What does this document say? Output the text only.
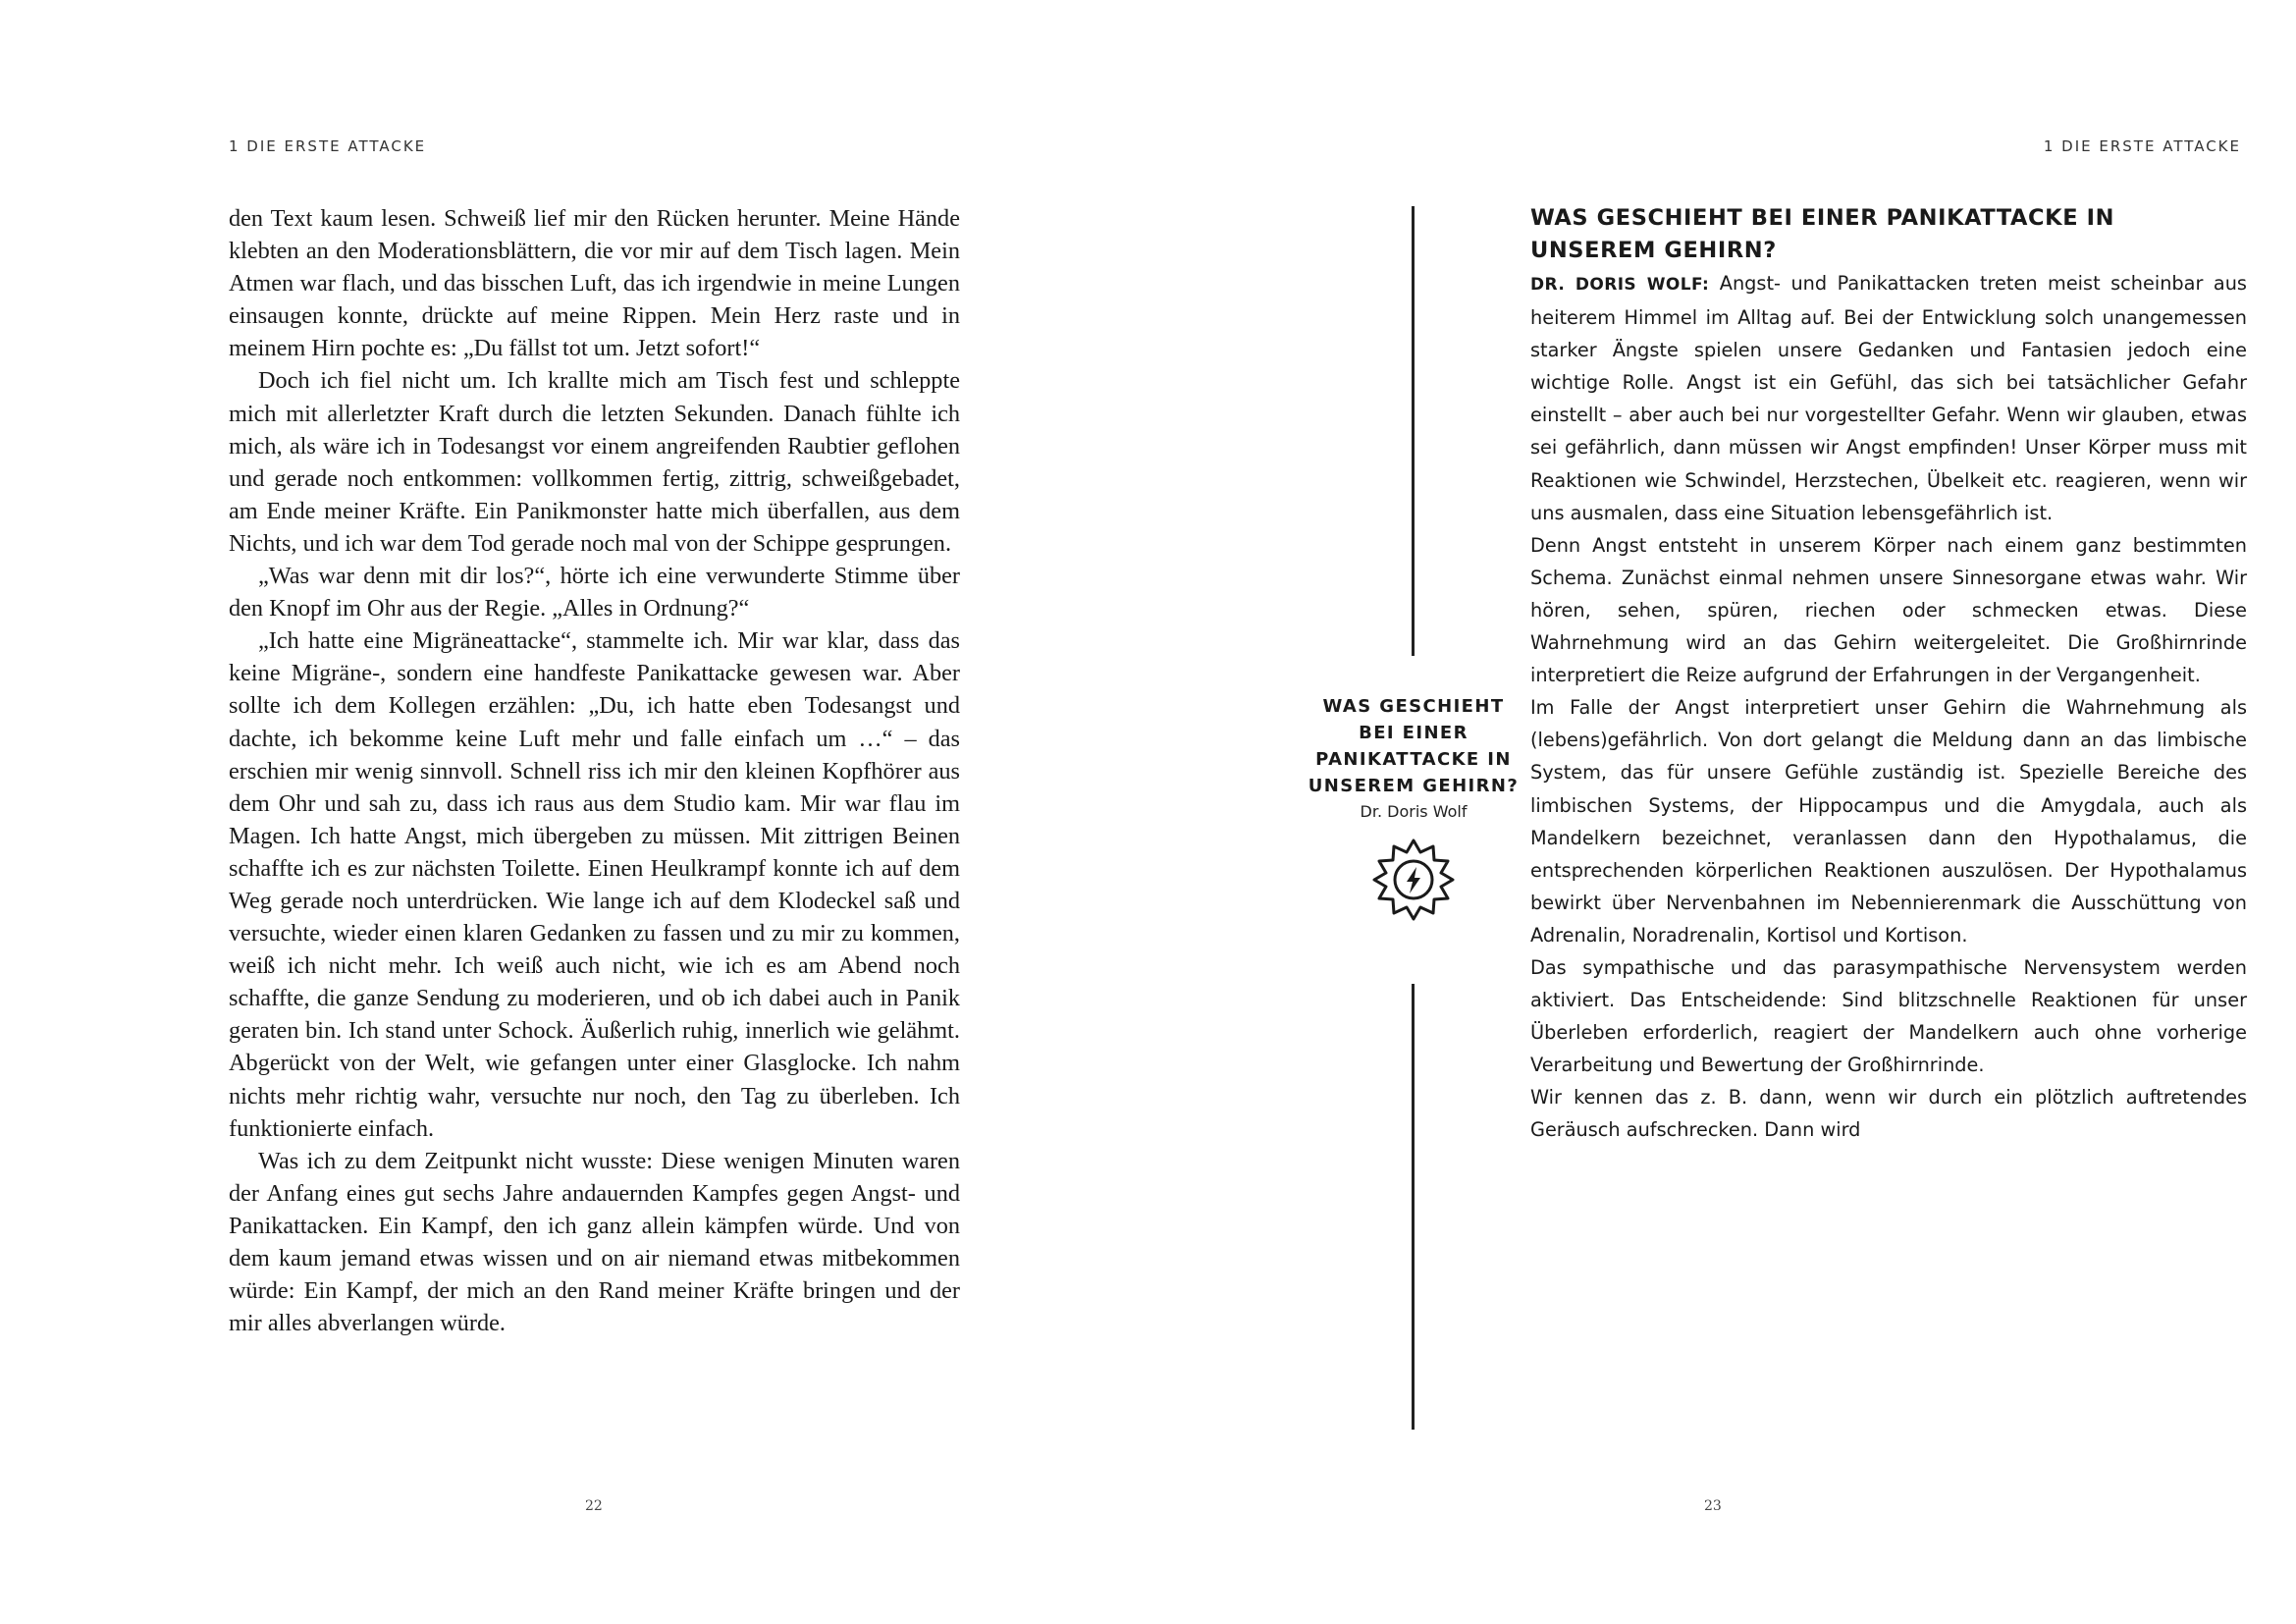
1 DIE ERSTE ATTACKE

den Text kaum lesen. Schweiß lief mir den Rücken herunter. Meine Hände klebten an den Moderationsblättern, die vor mir auf dem Tisch lagen. Mein Atmen war flach, und das bisschen Luft, das ich irgendwie in meine Lungen einsaugen konnte, drückte auf meine Rippen. Mein Herz raste und in meinem Hirn pochte es: „Du fällst tot um. Jetzt sofort!“

Doch ich fiel nicht um. Ich krallte mich am Tisch fest und schleppte mich mit allerletzter Kraft durch die letzten Sekunden. Danach fühlte ich mich, als wäre ich in Todesangst vor einem angreifenden Raubtier geflohen und gerade noch entkommen: vollkommen fertig, zittrig, schweißgebadet, am Ende meiner Kräfte. Ein Panikmonster hatte mich überfallen, aus dem Nichts, und ich war dem Tod gerade noch mal von der Schippe gesprungen.

„Was war denn mit dir los?“, hörte ich eine verwunderte Stimme über den Knopf im Ohr aus der Regie. „Alles in Ordnung?“

„Ich hatte eine Migräneattacke“, stammelte ich. Mir war klar, dass das keine Migräne-, sondern eine handfeste Panikattacke gewesen war. Aber sollte ich dem Kollegen erzählen: „Du, ich hatte eben Todesangst und dachte, ich bekomme keine Luft mehr und falle einfach um …“ – das erschien mir wenig sinnvoll. Schnell riss ich mir den kleinen Kopfhörer aus dem Ohr und sah zu, dass ich raus aus dem Studio kam. Mir war flau im Magen. Ich hatte Angst, mich übergeben zu müssen. Mit zittrigen Beinen schaffte ich es zur nächsten Toilette. Einen Heulkrampf konnte ich auf dem Weg gerade noch unterdrücken. Wie lange ich auf dem Klodeckel saß und versuchte, wieder einen klaren Gedanken zu fassen und zu mir zu kommen, weiß ich nicht mehr. Ich weiß auch nicht, wie ich es am Abend noch schaffte, die ganze Sendung zu moderieren, und ob ich dabei auch in Panik geraten bin. Ich stand unter Schock. Äußerlich ruhig, innerlich wie gelähmt. Abgerückt von der Welt, wie gefangen unter einer Glasglocke. Ich nahm nichts mehr richtig wahr, versuchte nur noch, den Tag zu überleben. Ich funktionierte einfach.

Was ich zu dem Zeitpunkt nicht wusste: Diese wenigen Minuten waren der Anfang eines gut sechs Jahre andauernden Kampfes gegen Angst- und Panikattacken. Ein Kampf, den ich ganz allein kämpfen würde. Und von dem kaum jemand etwas wissen und on air niemand etwas mitbekommen würde: Ein Kampf, der mich an den Rand meiner Kräfte bringen und der mir alles abverlangen würde.

22
1 DIE ERSTE ATTACKE
WAS GESCHIEHT BEI EINER PANIKATTACKE IN UNSEREM GEHIRN?
Dr. Doris Wolf
WAS GESCHIEHT BEI EINER PANIKATTACKE IN UNSEREM GEHIRN?

DR. DORIS WOLF: Angst- und Panikattacken treten meist scheinbar aus heiterem Himmel im Alltag auf. Bei der Entwicklung solch unangemessen starker Ängste spielen unsere Gedanken und Fantasien jedoch eine wichtige Rolle. Angst ist ein Gefühl, das sich bei tatsächlicher Gefahr einstellt – aber auch bei nur vorgestellter Gefahr. Wenn wir glauben, etwas sei gefährlich, dann müssen wir Angst empfinden! Unser Körper muss mit Reaktionen wie Schwindel, Herzstechen, Übelkeit etc. reagieren, wenn wir uns ausmalen, dass eine Situation lebensgefährlich ist.

Denn Angst entsteht in unserem Körper nach einem ganz bestimmten Schema. Zunächst einmal nehmen unsere Sinnesorgane etwas wahr. Wir hören, sehen, spüren, riechen oder schmecken etwas. Diese Wahrnehmung wird an das Gehirn weitergeleitet. Die Großhirnrinde interpretiert die Reize aufgrund der Erfahrungen in der Vergangenheit.

Im Falle der Angst interpretiert unser Gehirn die Wahrnehmung als (lebens)gefährlich. Von dort gelangt die Meldung dann an das limbische System, das für unsere Gefühle zuständig ist. Spezielle Bereiche des limbischen Systems, der Hippocampus und die Amygdala, auch als Mandelkern bezeichnet, veranlassen dann den Hypothalamus, die entsprechenden körperlichen Reaktionen auszulösen. Der Hypothalamus bewirkt über Nervenbahnen im Nebennierenmark die Ausschüttung von Adrenalin, Noradrenalin, Kortisol und Kortison.

Das sympathische und das parasympathische Nervensystem werden aktiviert. Das Entscheidende: Sind blitzschnelle Reaktionen für unser Überleben erforderlich, reagiert der Mandelkern auch ohne vorherige Verarbeitung und Bewertung der Großhirnrinde.

Wir kennen das z. B. dann, wenn wir durch ein plötzlich auftretendes Geräusch aufschrecken. Dann wird

23
